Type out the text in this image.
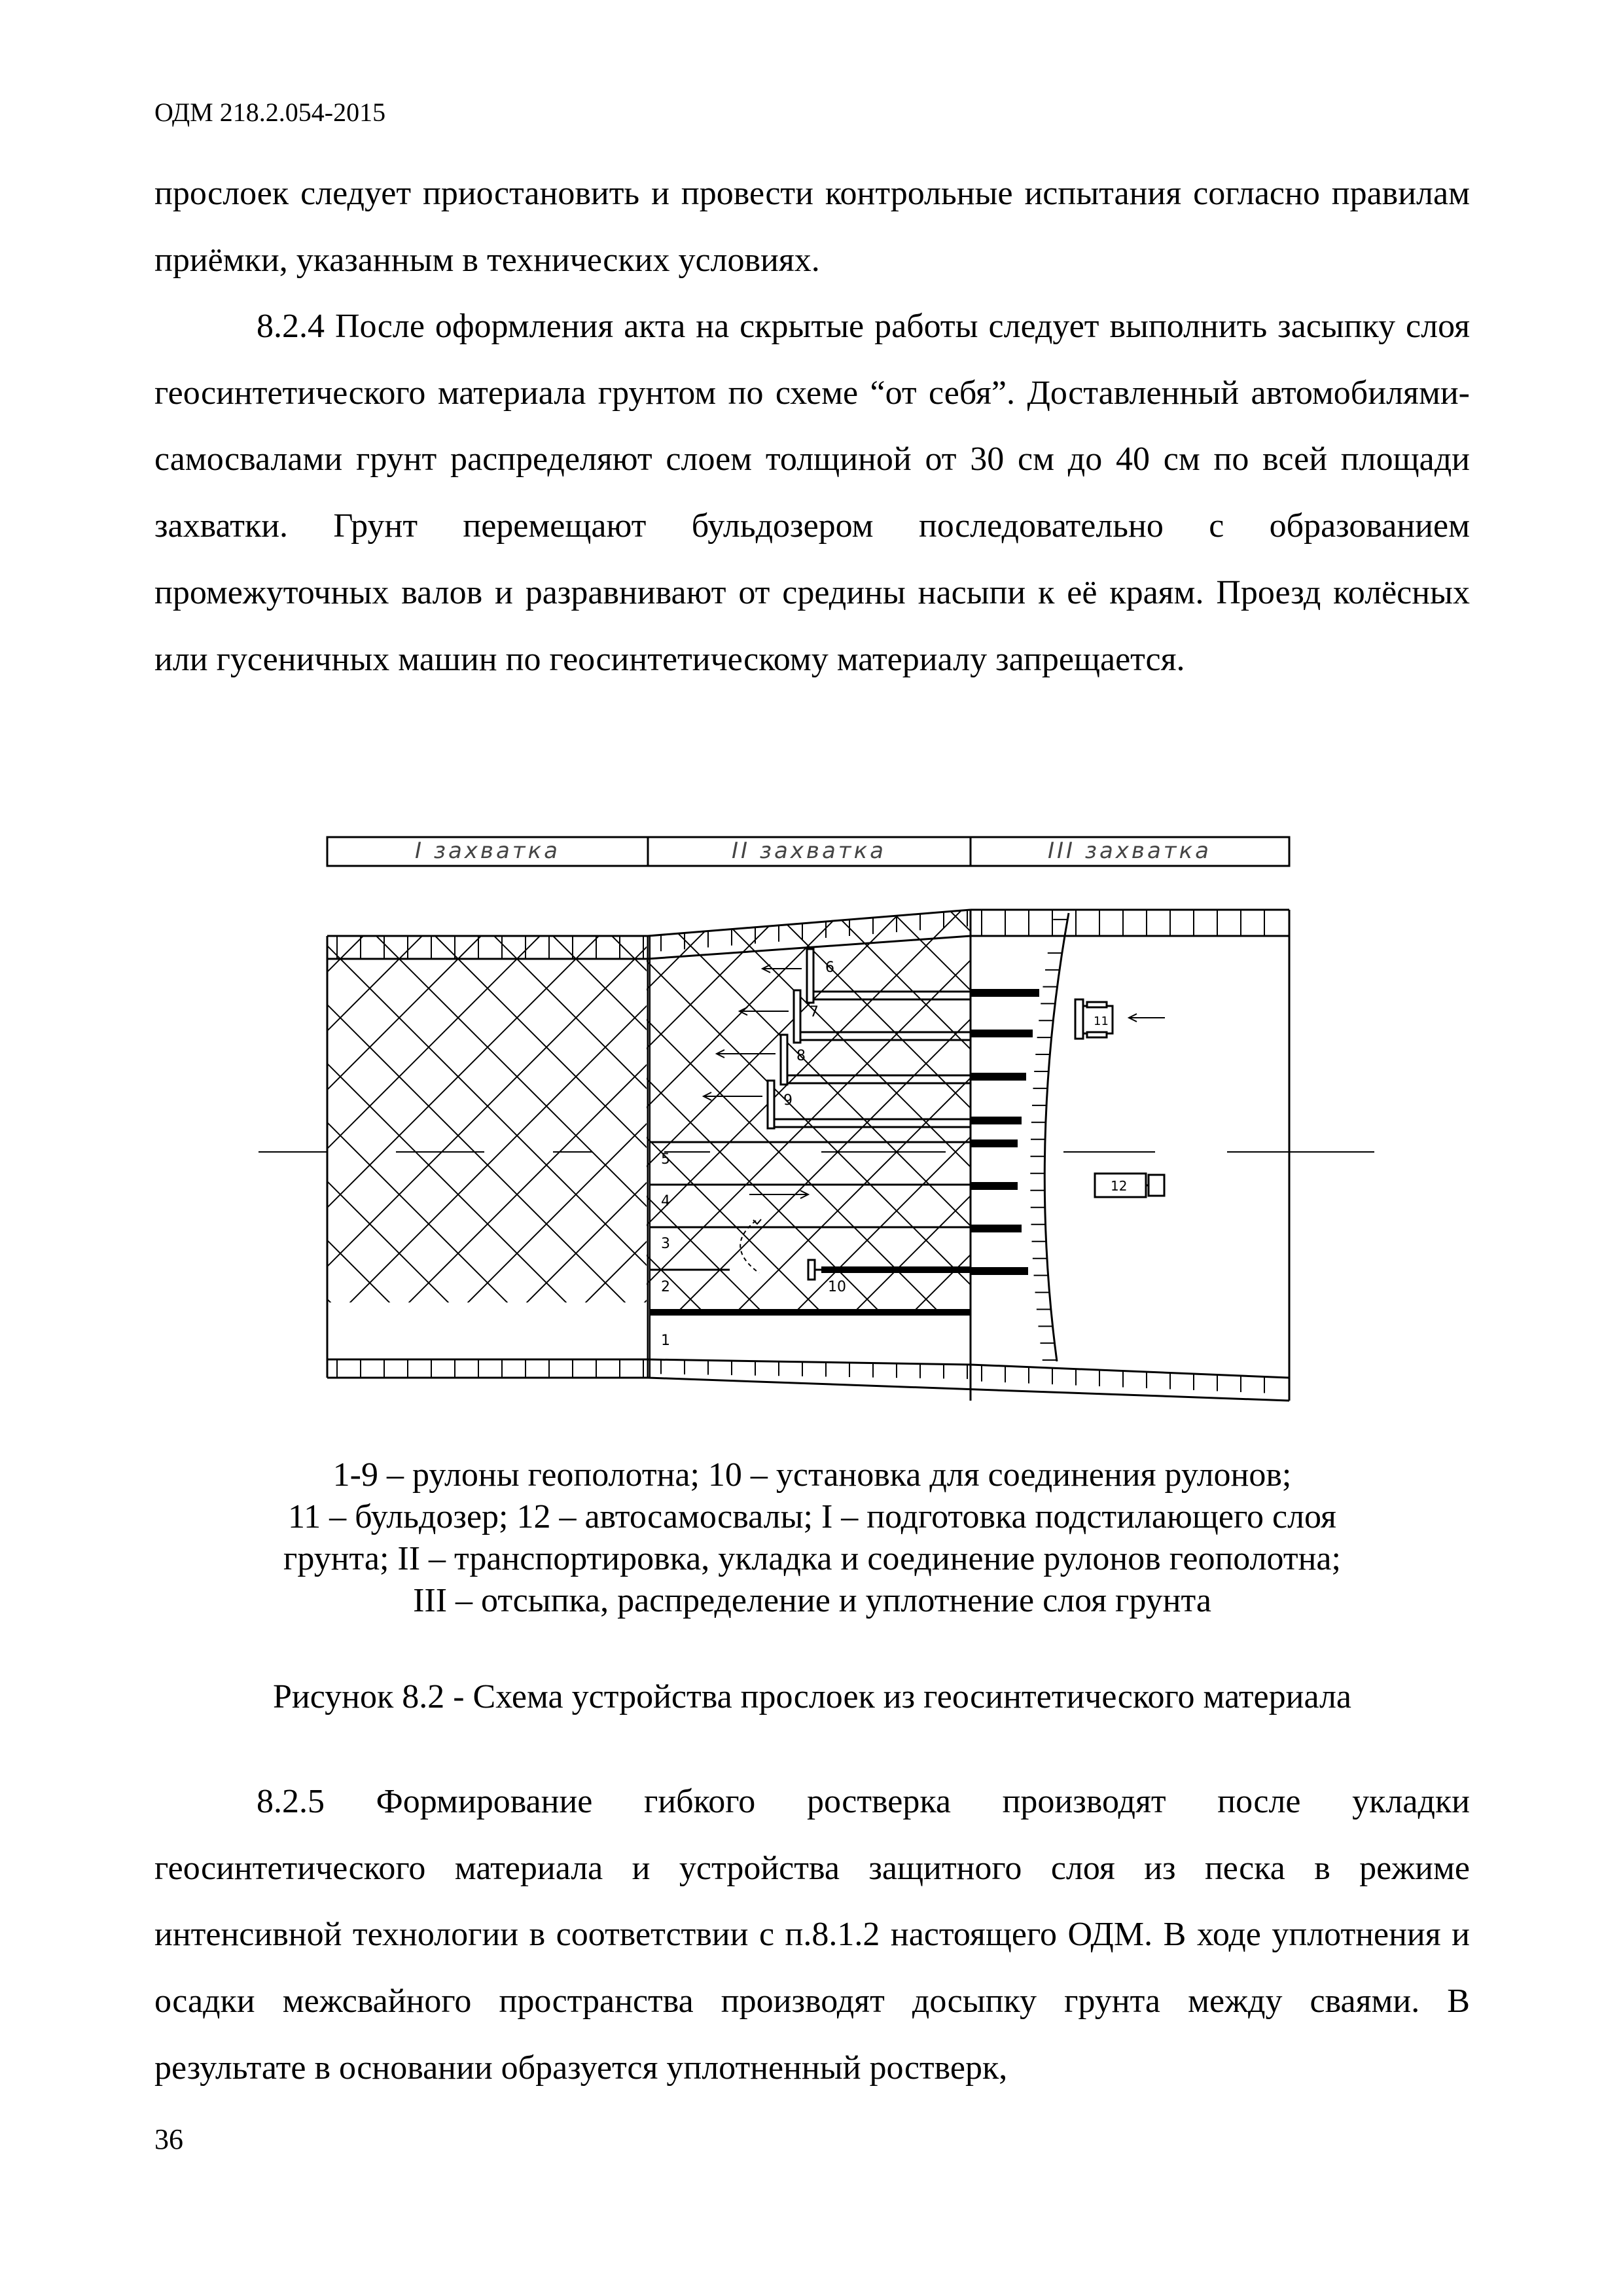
ОДМ 218.2.054-2015

прослоек следует приостановить и провести контрольные испытания согласно правилам приёмки, указанным в технических условиях.

8.2.4 После оформления акта на скрытые работы следует выполнить засыпку слоя геосинтетического материала грунтом по схеме “от себя”. Доставленный автомобилями-самосвалами грунт распределяют слоем толщиной от 30 см до 40 см по всей площади захватки. Грунт перемещают бульдозером последовательно с образованием промежуточных валов и разравнивают от средины насыпи к её краям. Проезд колёсных или гусеничных машин по геосинтетическому материалу запрещается.

I захватка	II захватка	III захватка
1
2
3
4
5
6
7
8
9
10
11
12
1-9 – рулоны геополотна; 10 – установка для соединения рулонов;
11 – бульдозер; 12 – автосамосвалы; I – подготовка подстилающего слоя
грунта; II – транспортировка, укладка и соединение рулонов геополотна;
III – отсыпка, распределение и уплотнение слоя грунта
Рисунок 8.2 - Схема устройства прослоек из геосинтетического материала

8.2.5 Формирование гибкого ростверка производят после укладки геосинтетического материала и устройства защитного слоя из песка в режиме интенсивной технологии в соответствии с п.8.1.2 настоящего ОДМ. В ходе уплотнения и осадки межсвайного пространства производят досыпку грунта между сваями. В результате в основании образуется уплотненный ростверк,

36
